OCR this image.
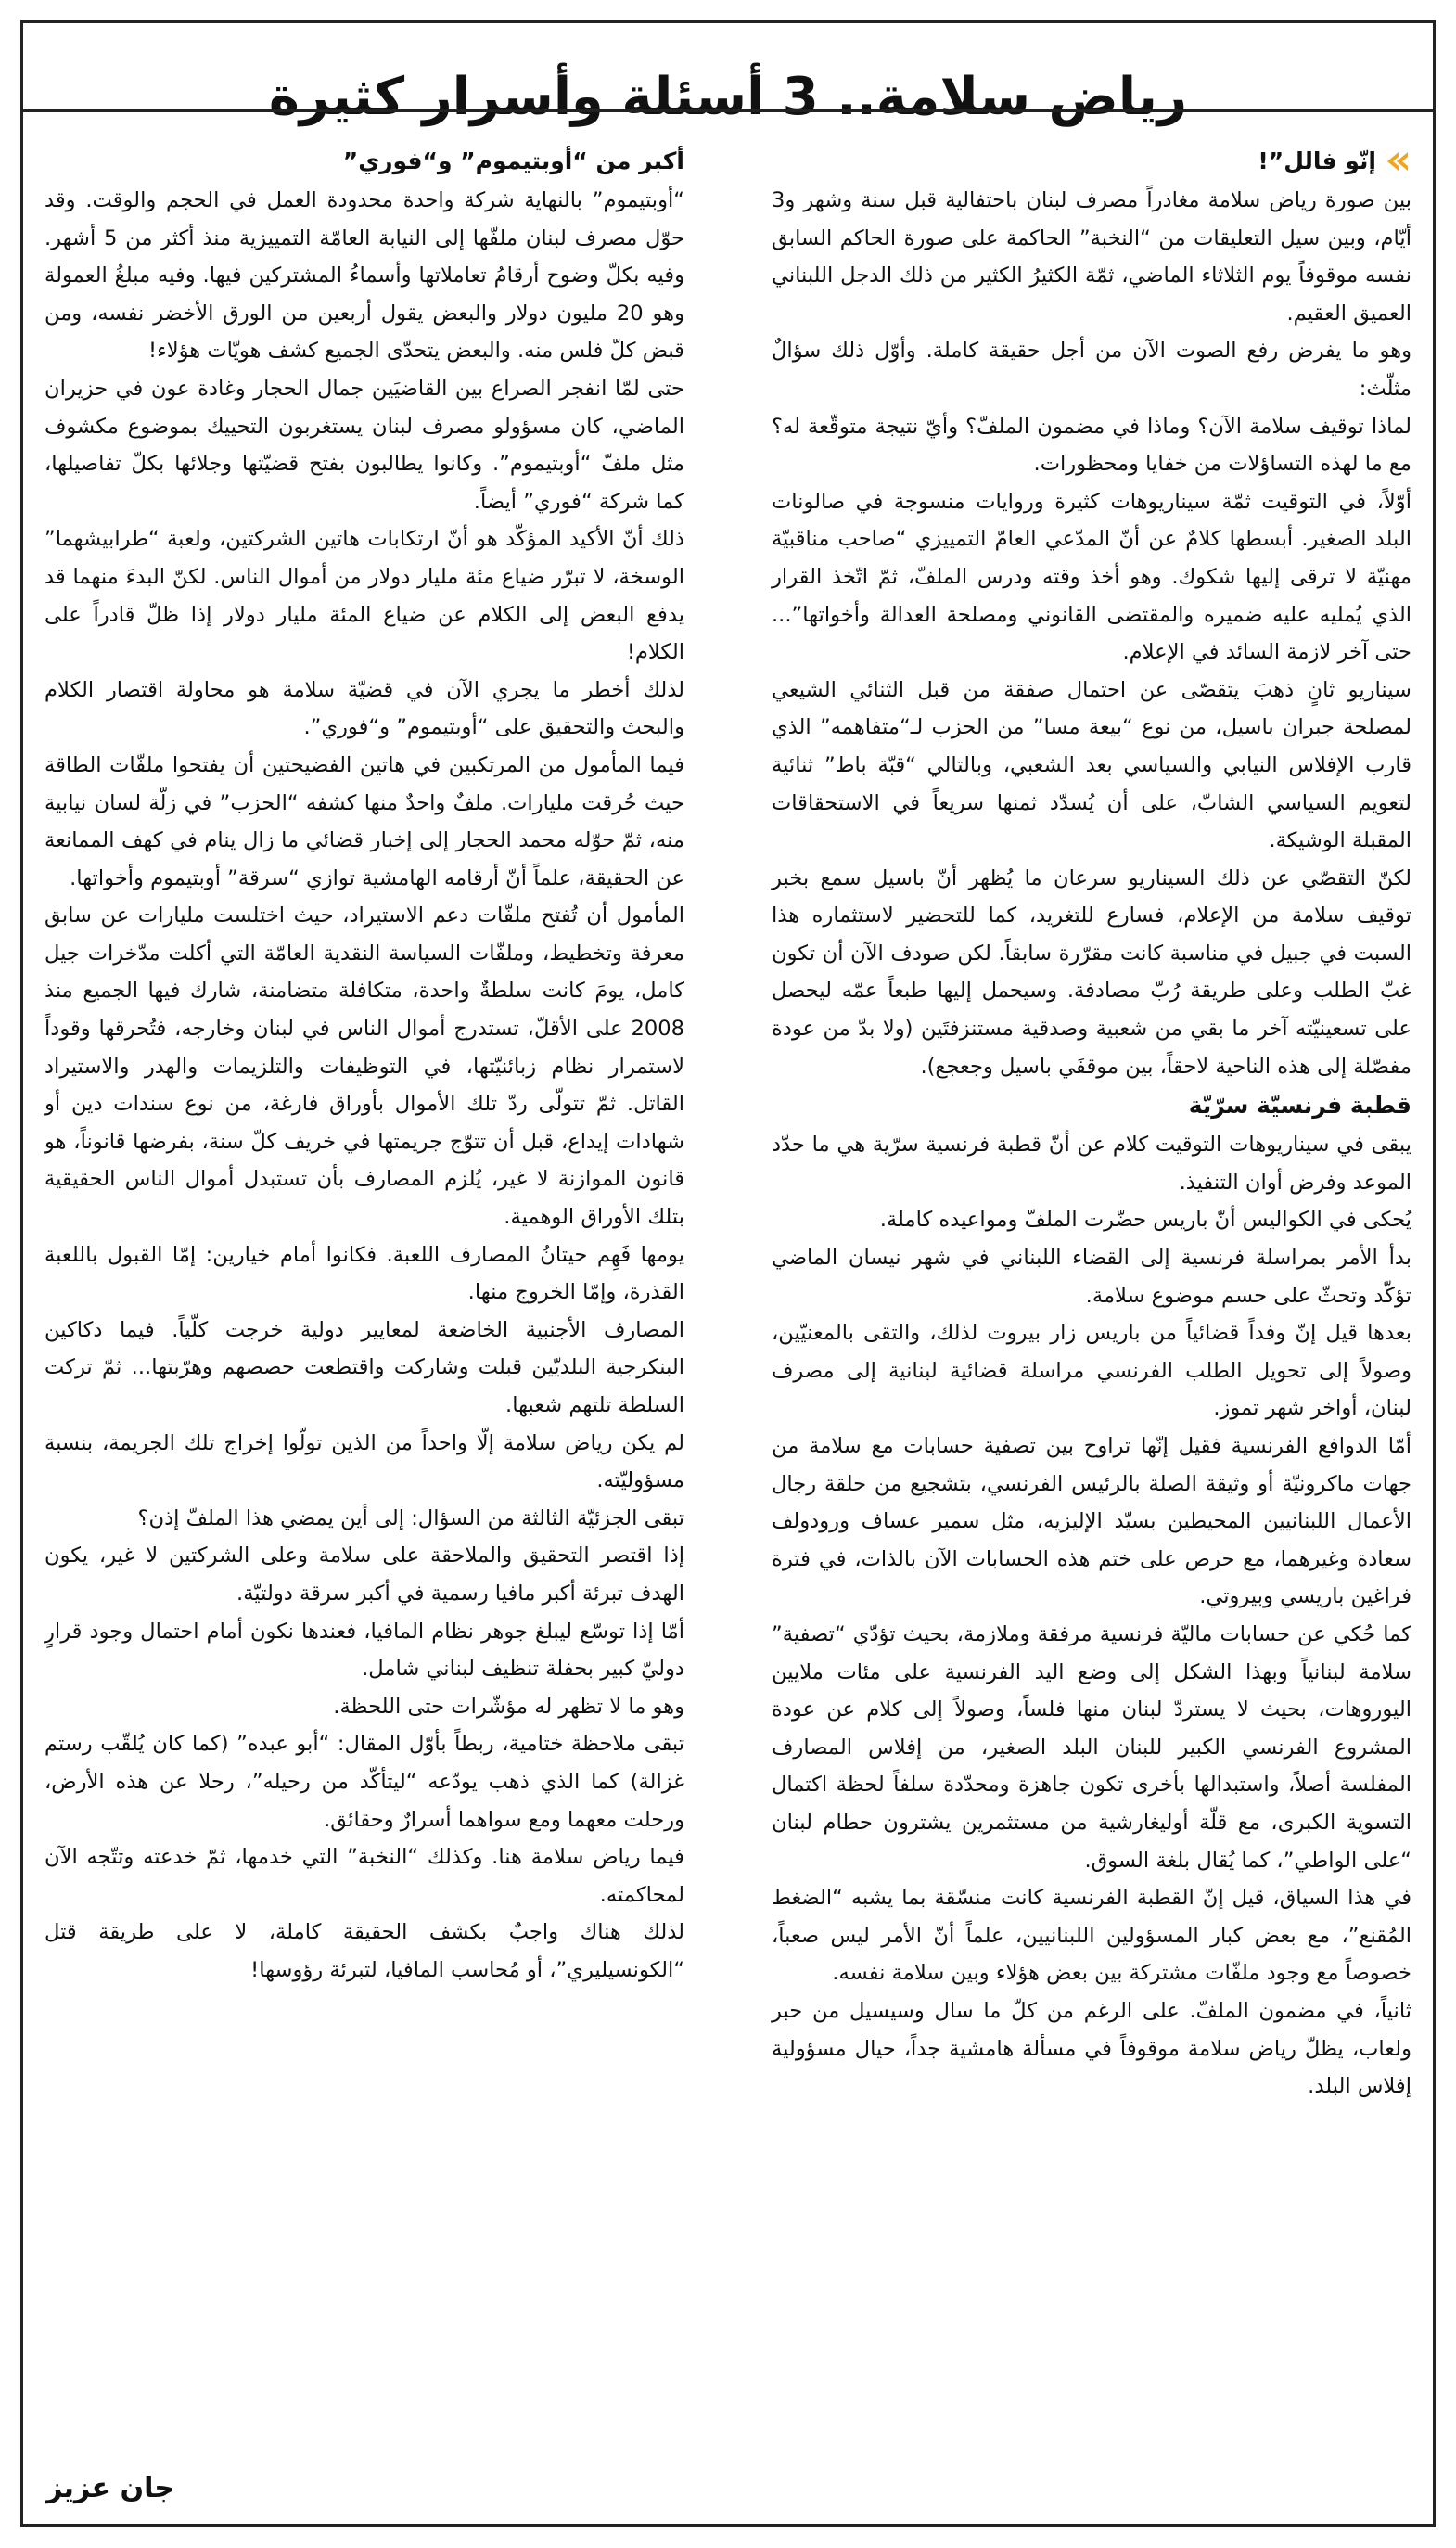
رياض سلامة.. 3 أسئلة وأسرار كثيرة
إنّو فالل”!

بين صورة رياض سلامة مغادراً مصرف لبنان باحتفالية قبل سنة وشهر و3 أيّام، وبين سيل التعليقات من “النخبة” الحاكمة على صورة الحاكم السابق نفسه موقوفاً يوم الثلاثاء الماضي، ثمّة الكثيرُ الكثير من ذلك الدجل اللبناني العميق العقيم.

وهو ما يفرض رفع الصوت الآن من أجل حقيقة كاملة. وأوّل ذلك سؤالٌ مثلّث:

لماذا توقيف سلامة الآن؟ وماذا في مضمون الملفّ؟ وأيّ نتيجة متوقّعة له؟ مع ما لهذه التساؤلات من خفايا ومحظورات.

أوّلاً، في التوقيت ثمّة سيناريوهات كثيرة وروايات منسوجة في صالونات البلد الصغير. أبسطها كلامٌ عن أنّ المدّعي العامّ التمييزي “صاحب مناقبيّة مهنيّة لا ترقى إليها شكوك. وهو أخذ وقته ودرس الملفّ، ثمّ اتّخذ القرار الذي يُمليه عليه ضميره والمقتضى القانوني ومصلحة العدالة وأخواتها”... حتى آخر لازمة السائد في الإعلام.

سيناريو ثانٍ ذهبَ يتقصّى عن احتمال صفقة من قبل الثنائي الشيعي لمصلحة جبران باسيل، من نوع “بيعة مسا” من الحزب لـ“متفاهمه” الذي قارب الإفلاس النيابي والسياسي بعد الشعبي، وبالتالي “قبّة باط” ثنائية لتعويم السياسي الشابّ، على أن يُسدّد ثمنها سريعاً في الاستحقاقات المقبلة الوشيكة.

لكنّ التقصّي عن ذلك السيناريو سرعان ما يُظهر أنّ باسيل سمع بخبر توقيف سلامة من الإعلام، فسارع للتغريد، كما للتحضير لاستثماره هذا السبت في جبيل في مناسبة كانت مقرّرة سابقاً. لكن صودف الآن أن تكون غبّ الطلب وعلى طريقة رُبّ مصادفة. وسيحمل إليها طبعاً عمّه ليحصل على تسعينيّته آخر ما بقي من شعبية وصدقية مستنزفتَين (ولا بدّ من عودة مفصّلة إلى هذه الناحية لاحقاً، بين موقفَي باسيل وجعجع).

قطبة فرنسيّة سرّيّة

يبقى في سيناريوهات التوقيت كلام عن أنّ قطبة فرنسية سرّية هي ما حدّد الموعد وفرض أوان التنفيذ.

يُحكى في الكواليس أنّ باريس حضّرت الملفّ ومواعيده كاملة.

بدأ الأمر بمراسلة فرنسية إلى القضاء اللبناني في شهر نيسان الماضي تؤكّد وتحثّ على حسم موضوع سلامة.

بعدها قيل إنّ وفداً قضائياً من باريس زار بيروت لذلك، والتقى بالمعنيّين، وصولاً إلى تحويل الطلب الفرنسي مراسلة قضائية لبنانية إلى مصرف لبنان، أواخر شهر تموز.

أمّا الدوافع الفرنسية فقيل إنّها تراوح بين تصفية حسابات مع سلامة من جهات ماكرونيّة أو وثيقة الصلة بالرئيس الفرنسي، بتشجيع من حلقة رجال الأعمال اللبنانيين المحيطين بسيّد الإليزيه، مثل سمير عساف ورودولف سعادة وغيرهما، مع حرص على ختم هذه الحسابات الآن بالذات، في فترة فراغين باريسي وبيروتي.

كما حُكي عن حسابات ماليّة فرنسية مرفقة وملازمة، بحيث تؤدّي “تصفية” سلامة لبنانياً وبهذا الشكل إلى وضع اليد الفرنسية على مئات ملايين اليوروهات، بحيث لا يستردّ لبنان منها فلساً، وصولاً إلى كلام عن عودة المشروع الفرنسي الكبير للبنان البلد الصغير، من إفلاس المصارف المفلسة أصلاً، واستبدالها بأخرى تكون جاهزة ومحدّدة سلفاً لحظة اكتمال التسوية الكبرى، مع قلّة أوليغارشية من مستثمرين يشترون حطام لبنان “على الواطي”، كما يُقال بلغة السوق.

في هذا السياق، قيل إنّ القطبة الفرنسية كانت منسّقة بما يشبه “الضغط المُقنع”، مع بعض كبار المسؤولين اللبنانيين، علماً أنّ الأمر ليس صعباً، خصوصاً مع وجود ملفّات مشتركة بين بعض هؤلاء وبين سلامة نفسه.

ثانياً، في مضمون الملفّ. على الرغم من كلّ ما سال وسيسيل من حبر ولعاب، يظلّ رياض سلامة موقوفاً في مسألة هامشية جداً، حيال مسؤولية إفلاس البلد.

أكبر من “أوبتيموم” و“فوري”

“أوبتيموم” بالنهاية شركة واحدة محدودة العمل في الحجم والوقت. وقد حوّل مصرف لبنان ملفّها إلى النيابة العامّة التمييزية منذ أكثر من 5 أشهر. وفيه بكلّ وضوح أرقامُ تعاملاتها وأسماءُ المشتركين فيها. وفيه مبلغُ العمولة وهو 20 مليون دولار والبعض يقول أربعين من الورق الأخضر نفسه، ومن قبض كلّ فلس منه. والبعض يتحدّى الجميع كشف هويّات هؤلاء!

حتى لمّا انفجر الصراع بين القاضيَين جمال الحجار وغادة عون في حزيران الماضي، كان مسؤولو مصرف لبنان يستغربون التحييك بموضوع مكشوف مثل ملفّ “أوبتيموم”. وكانوا يطالبون بفتح قضيّتها وجلائها بكلّ تفاصيلها، كما شركة “فوري” أيضاً.

ذلك أنّ الأكيد المؤكّد هو أنّ ارتكابات هاتين الشركتين، ولعبة “طرابيشهما” الوسخة، لا تبرّر ضياع مئة مليار دولار من أموال الناس. لكنّ البدءَ منهما قد يدفع البعض إلى الكلام عن ضياع المئة مليار دولار إذا ظلّ قادراً على الكلام!

لذلك أخطر ما يجري الآن في قضيّة سلامة هو محاولة اقتصار الكلام والبحث والتحقيق على “أوبتيموم” و“فوري”.

فيما المأمول من المرتكبين في هاتين الفضيحتين أن يفتحوا ملفّات الطاقة حيث حُرقت مليارات. ملفٌ واحدٌ منها كشفه “الحزب” في زلّة لسان نيابية منه، ثمّ حوّله محمد الحجار إلى إخبار قضائي ما زال ينام في كهف الممانعة عن الحقيقة، علماً أنّ أرقامه الهامشية توازي “سرقة” أوبتيموم وأخواتها.

المأمول أن تُفتح ملفّات دعم الاستيراد، حيث اختلست مليارات عن سابق معرفة وتخطيط، وملفّات السياسة النقدية العامّة التي أكلت مدّخرات جيل كامل، يومَ كانت سلطةٌ واحدة، متكافلة متضامنة، شارك فيها الجميع منذ 2008 على الأقلّ، تستدرج أموال الناس في لبنان وخارجه، فتُحرقها وقوداً لاستمرار نظام زبائنيّتها، في التوظيفات والتلزيمات والهدر والاستيراد القاتل. ثمّ تتولّى ردّ تلك الأموال بأوراق فارغة، من نوع سندات دين أو شهادات إيداع، قبل أن تتوّج جريمتها في خريف كلّ سنة، بفرضها قانوناً، هو قانون الموازنة لا غير، يُلزم المصارف بأن تستبدل أموال الناس الحقيقية بتلك الأوراق الوهمية.

يومها فَهِم حيتانُ المصارف اللعبة. فكانوا أمام خيارين: إمّا القبول باللعبة القذرة، وإمّا الخروج منها.

المصارف الأجنبية الخاضعة لمعايير دولية خرجت كلّياً. فيما دكاكين البنكرجية البلديّين قبلت وشاركت واقتطعت حصصهم وهرّبتها... ثمّ تركت السلطة تلتهم شعبها.

لم يكن رياض سلامة إلّا واحداً من الذين تولّوا إخراج تلك الجريمة، بنسبة مسؤوليّته.

تبقى الجزئيّة الثالثة من السؤال: إلى أين يمضي هذا الملفّ إذن؟

إذا اقتصر التحقيق والملاحقة على سلامة وعلى الشركتين لا غير، يكون الهدف تبرئة أكبر مافيا رسمية في أكبر سرقة دولتيّة.

أمّا إذا توسّع ليبلغ جوهر نظام المافيا، فعندها نكون أمام احتمال وجود قرارٍ دوليّ كبير بحفلة تنظيف لبناني شامل.

وهو ما لا تظهر له مؤشّرات حتى اللحظة.

تبقى ملاحظة ختامية، ربطاً بأوّل المقال: “أبو عبده” (كما كان يُلقّب رستم غزالة) كما الذي ذهب يودّعه “ليتأكّد من رحيله”، رحلا عن هذه الأرض، ورحلت معهما ومع سواهما أسرارٌ وحقائق.

فيما رياض سلامة هنا. وكذلك “النخبة” التي خدمها، ثمّ خدعته وتتّجه الآن لمحاكمته.

لذلك هناك واجبٌ بكشف الحقيقة كاملة، لا على طريقة قتل “الكونسيليري”، أو مُحاسب المافيا، لتبرئة رؤوسها!

جان عزيز
